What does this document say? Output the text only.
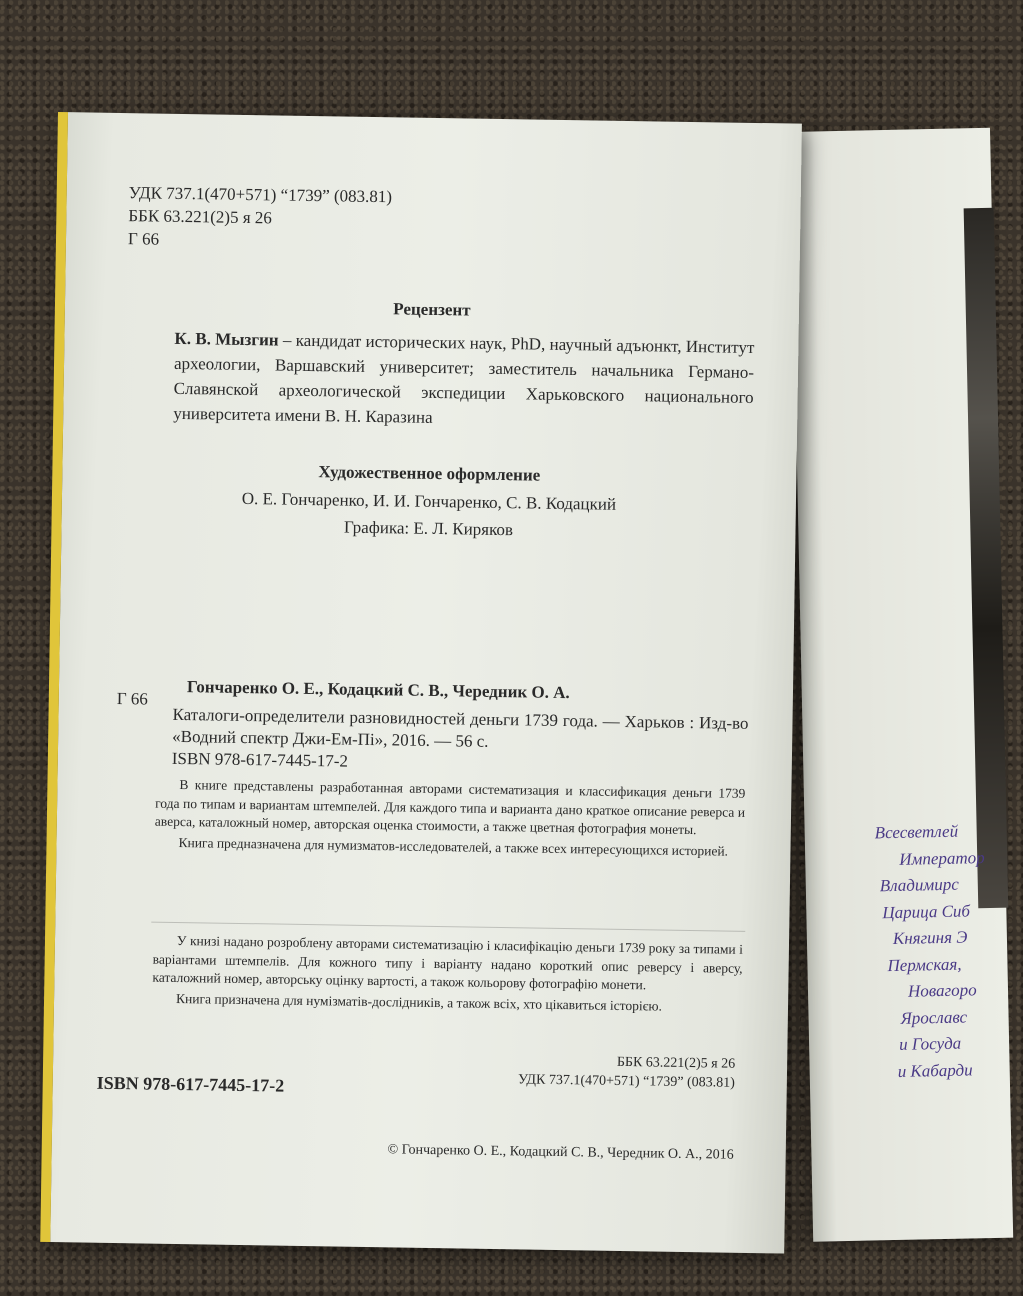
Всесветлей
Император
Владимирс
Царица Сиб
Княгиня Э
Пермская,
Новагоро
Ярославс
и Госуда
и Кабарди
УДК 737.1(470+571) “1739” (083.81)
ББК 63.221(2)5 я 26
Г 66
Рецензент
К. В. Мызгин – кандидат исторических наук, PhD, научный адъюнкт, Институт археологии, Варшавский университет; заместитель начальника Германо-Славянской археологической экспедиции Харьковского национального университета имени В. Н. Каразина
Художественное оформление
О. Е. Гончаренко, И. И. Гончаренко, С. В. Кодацкий
Графика: Е. Л. Киряков
Г 66 Гончаренко О. Е., Кодацкий С. В., Чередник О. А.
Каталоги-определители разновидностей деньги 1739 года. — Харьков : Изд-во «Водний спектр Джи-Ем-Пі», 2016. — 56 с.
ISBN 978-617-7445-17-2

В книге представлены разработанная авторами систематизация и классификация деньги 1739 года по типам и вариантам штемпелей. Для каждого типа и варианта дано краткое описание реверса и аверса, каталожный номер, авторская оценка стоимости, а также цветная фотография монеты.

Книга предназначена для нумизматов-исследователей, а также всех интересующихся историей.

У книзі надано розроблену авторами систематизацію і класифікацію деньги 1739 року за типами і варіантами штемпелів. Для кожного типу і варіанту надано короткий опис реверсу і аверсу, каталожний номер, авторську оцінку вартості, а також кольорову фотографію монети.

Книга призначена для нумізматів-дослідників, а також всіх, хто цікавиться історією.

ББК 63.221(2)5 я 26
УДК 737.1(470+571) “1739” (083.81)
ISBN 978-617-7445-17-2
© Гончаренко О. Е., Кодацкий С. В., Чередник О. А., 2016
